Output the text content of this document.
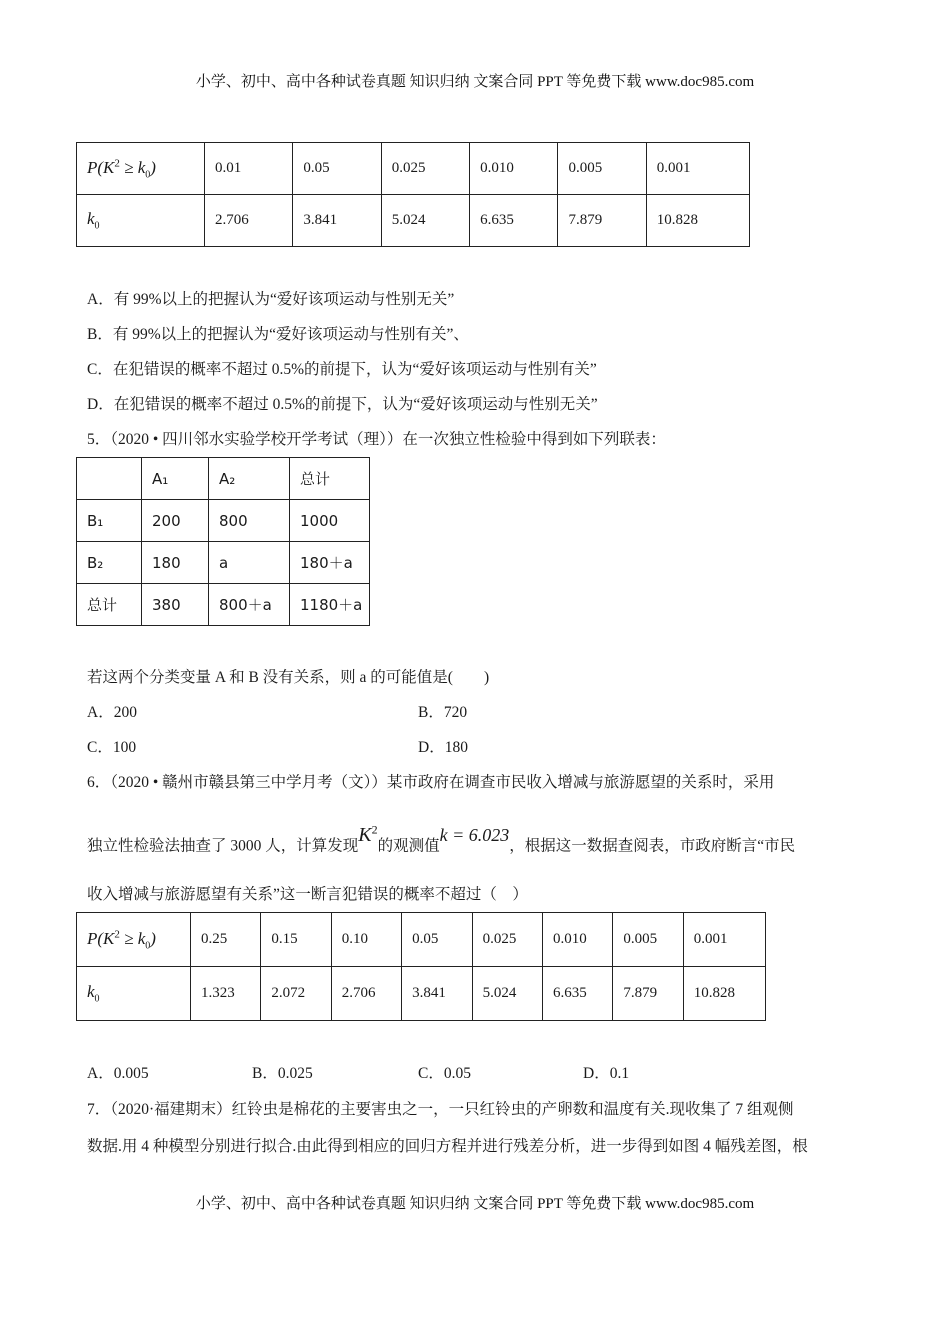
小学、初中、高中各种试卷真题 知识归纳 文案合同 PPT 等免费下载 www.doc985.com
$P(K^2 \ge k_0)$	0.01	0.05	0.025	0.010	0.005	0.001
$k_0$	2.706	3.841	5.024	6.635	7.879	10.828
A．有 99%以上的把握认为“爱好该项运动与性别无关”
B．有 99%以上的把握认为“爱好该项运动与性别有关”、
C．在犯错误的概率不超过 0.5%的前提下，认为“爱好该项运动与性别有关”
D．在犯错误的概率不超过 0.5%的前提下，认为“爱好该项运动与性别无关”
5．（2020 • 四川邻水实验学校开学考试（理））在一次独立性检验中得到如下列联表：
	A₁	A₂	总计
B₁	200	800	1000
B₂	180	a	180＋a
总计	380	800＋a	1180＋a
若这两个分类变量 A 和 B 没有关系，则 a 的可能值是(　　)
A．200	B．720
C．100	D．180
6．（2020 • 赣州市赣县第三中学月考（文））某市政府在调查市民收入增减与旅游愿望的关系时，采用
独立性检验法抽查了 3000 人，计算发现$K^2$的观测值k = 6.023，根据这一数据查阅表，市政府断言“市民
收入增减与旅游愿望有关系”这一断言犯错误的概率不超过（　）
$P(K^2 \ge k_0)$	0.25	0.15	0.10	0.05	0.025	0.010	0.005	0.001
$k_0$	1.323	2.072	2.706	3.841	5.024	6.635	7.879	10.828
A．0.005	B．0.025	C．0.05	D．0.1
7．（2020·福建期末）红铃虫是棉花的主要害虫之一，一只红铃虫的产卵数和温度有关.现收集了 7 组观侧
数据.用 4 种模型分别进行拟合.由此得到相应的回归方程并进行残差分析，进一步得到如图 4 幅残差图，根
小学、初中、高中各种试卷真题 知识归纳 文案合同 PPT 等免费下载 www.doc985.com
